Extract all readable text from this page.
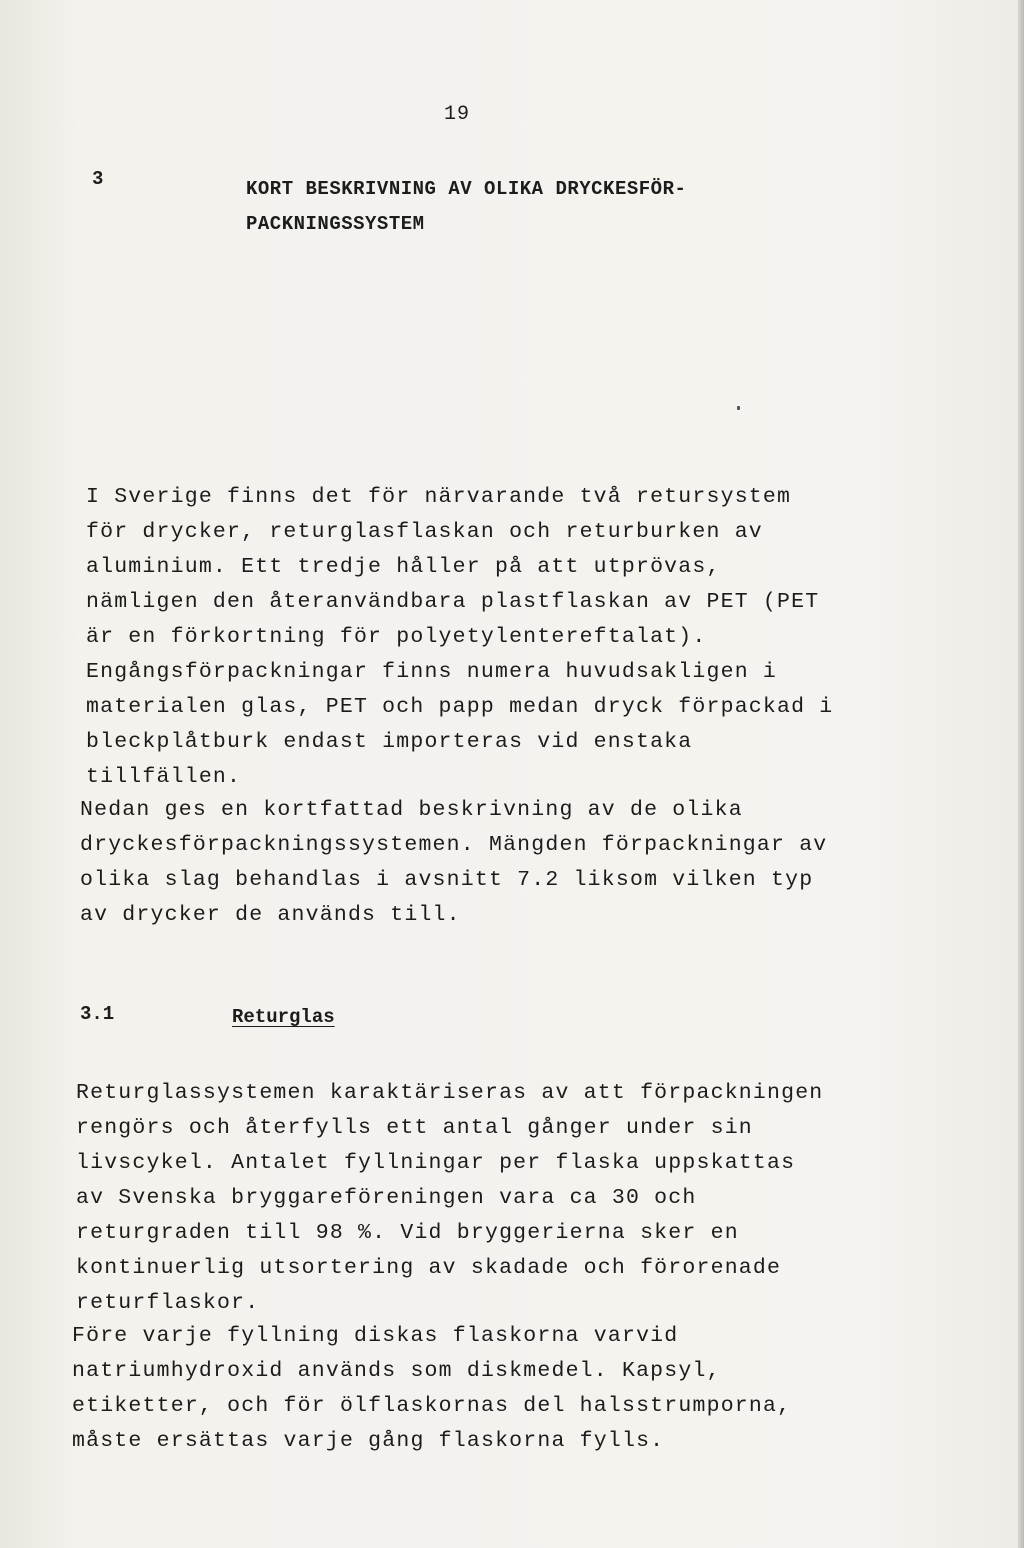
19
3	KORT BESKRIVNING AV OLIKA DRYCKESFÖR-PACKNINGSSYSTEM

I Sverige finns det för närvarande två retursystem för drycker, returglasflaskan och returburken av aluminium. Ett tredje håller på att utprövas, nämligen den återanvändbara plastflaskan av PET (PET är en förkortning för polyetylentereftalat). Engångsförpackningar finns numera huvudsakligen i materialen glas, PET och papp medan dryck förpackad i bleckplåtburk endast importeras vid enstaka tillfällen.

Nedan ges en kortfattad beskrivning av de olika dryckesförpackningssystemen. Mängden förpackningar av olika slag behandlas i avsnitt 7.2 liksom vilken typ av drycker de används till.

3.1	Returglas

Returglassystemen karaktäriseras av att förpackningen rengörs och återfylls ett antal gånger under sin livscykel. Antalet fyllningar per flaska uppskattas av Svenska bryggareföreningen vara ca 30 och returgraden till 98 %. Vid bryggerierna sker en kontinuerlig utsortering av skadade och förorenade returflaskor.

Före varje fyllning diskas flaskorna varvid natriumhydroxid används som diskmedel. Kapsyl, etiketter, och för ölflaskornas del halsstrumporna, måste ersättas varje gång flaskorna fylls.
